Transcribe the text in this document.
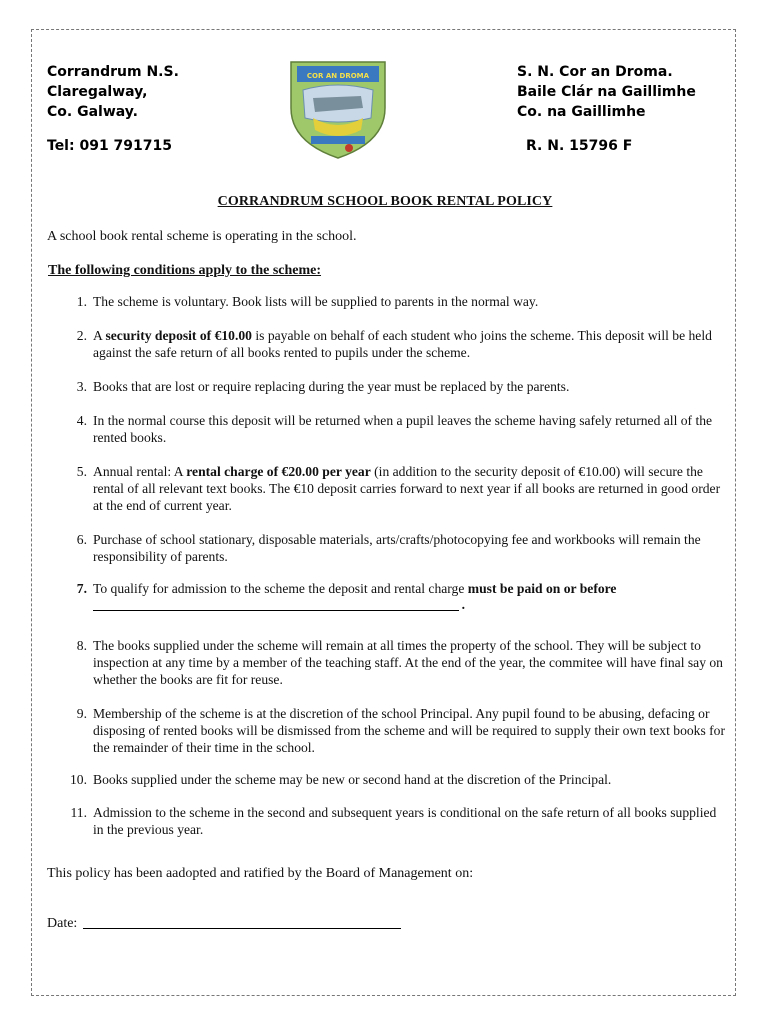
Corrandrum N.S.
Claregalway,
Co. Galway.
Tel: 091 791715
S. N. Cor an Droma.
Baile Clár na Gaillimhe
Co. na Gaillimhe
R. N. 15796 F
COR AN DROMA
CORRANDRUM SCHOOL BOOK RENTAL POLICY
A school book rental scheme is operating in the school.
The following conditions apply to the scheme:
1. The scheme is voluntary. Book lists will be supplied to parents in the normal way.
2. A security deposit of €10.00 is payable on behalf of each student who joins the scheme. This deposit will be held against the safe return of all books rented to pupils under the scheme.
3. Books that are lost or require replacing during the year must be replaced by the parents.
4. In the normal course this deposit will be returned when a pupil leaves the scheme having safely returned all of the rented books.
5. Annual rental: A rental charge of €20.00 per year (in addition to the security deposit of €10.00) will secure the rental of all relevant text books. The €10 deposit carries forward to next year if all books are returned in good order at the end of current year.
6. Purchase of school stationary, disposable materials, arts/crafts/photocopying fee and workbooks will remain the responsibility of parents.
7. To qualify for admission to the scheme the deposit and rental charge must be paid on or before
.
8. The books supplied under the scheme will remain at all times the property of the school. They will be subject to inspection at any time by a member of the teaching staff. At the end of the year, the commitee will have final say on whether the books are fit for reuse.
9. Membership of the scheme is at the discretion of the school Principal. Any pupil found to be abusing, defacing or disposing of rented books will be dismissed from the scheme and will be required to supply their own text books for the remainder of their time in the school.
10. Books supplied under the scheme may be new or second hand at the discretion of the Principal.
11. Admission to the scheme in the second and subsequent years is conditional on the safe return of all books supplied in the previous year.
This policy has been aadopted and ratified by the Board of Management on:
Date:
